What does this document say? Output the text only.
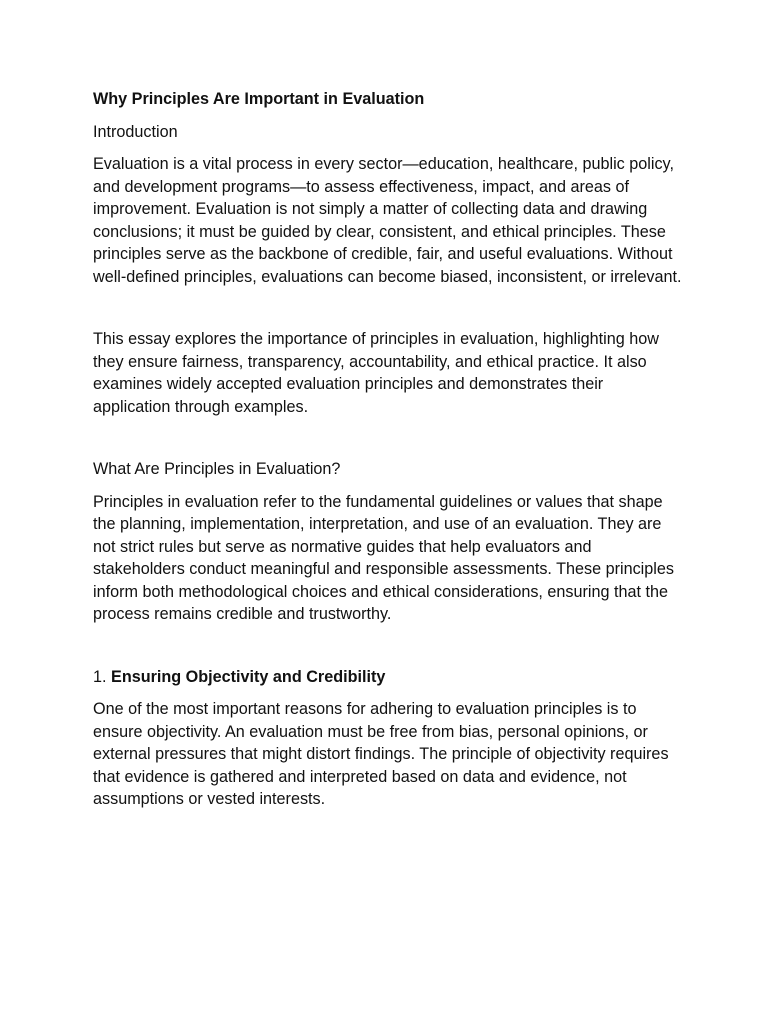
Why Principles Are Important in Evaluation
Introduction
Evaluation is a vital process in every sector—education, healthcare, public policy, and development programs—to assess effectiveness, impact, and areas of improvement. Evaluation is not simply a matter of collecting data and drawing conclusions; it must be guided by clear, consistent, and ethical principles. These principles serve as the backbone of credible, fair, and useful evaluations. Without well-defined principles, evaluations can become biased, inconsistent, or irrelevant.
This essay explores the importance of principles in evaluation, highlighting how they ensure fairness, transparency, accountability, and ethical practice. It also examines widely accepted evaluation principles and demonstrates their application through examples.
What Are Principles in Evaluation?
Principles in evaluation refer to the fundamental guidelines or values that shape the planning, implementation, interpretation, and use of an evaluation. They are not strict rules but serve as normative guides that help evaluators and stakeholders conduct meaningful and responsible assessments. These principles inform both methodological choices and ethical considerations, ensuring that the process remains credible and trustworthy.
1. Ensuring Objectivity and Credibility
One of the most important reasons for adhering to evaluation principles is to ensure objectivity. An evaluation must be free from bias, personal opinions, or external pressures that might distort findings. The principle of objectivity requires that evidence is gathered and interpreted based on data and evidence, not assumptions or vested interests.
